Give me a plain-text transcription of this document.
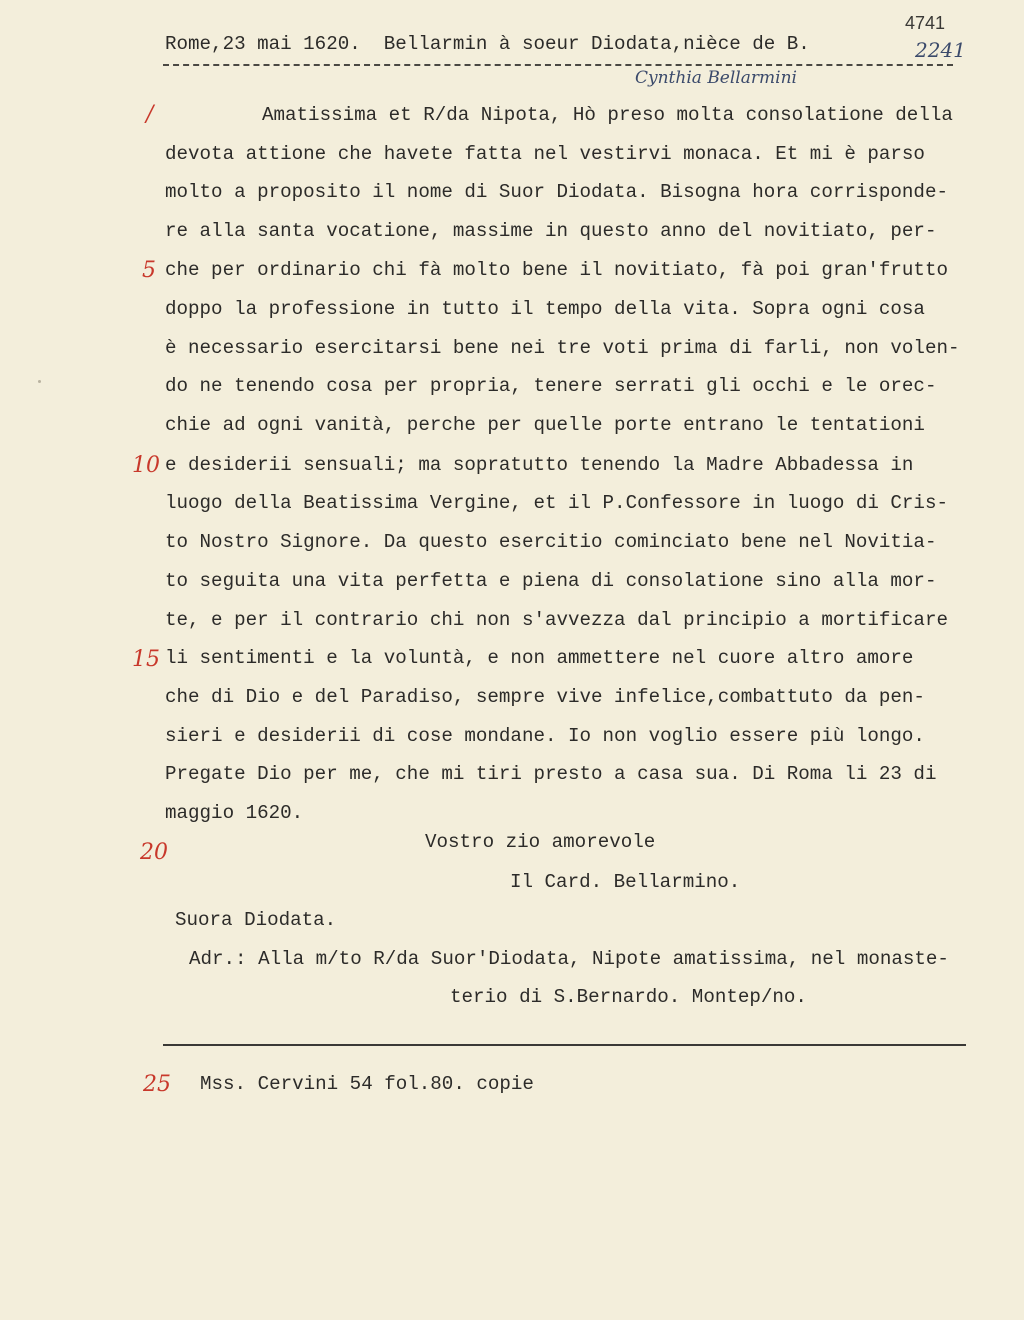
4741
Rome,23 mai 1620.  Bellarmin à soeur Diodata,nièce de B.	2241
Cynthia Bellarmini
/
5
10
15
20
25
Amatissima et R/da Nipota, Hò preso molta consolatione della
devota attione che havete fatta nel vestirvi monaca. Et mi è parso
molto a proposito il nome di Suor Diodata. Bisogna hora corrisponde-
re alla santa vocatione, massime in questo anno del novitiato, per-
che per ordinario chi fà molto bene il novitiato, fà poi gran'frutto
doppo la professione in tutto il tempo della vita. Sopra ogni cosa
è necessario esercitarsi bene nei tre voti prima di farli, non volen-
do ne tenendo cosa per propria, tenere serrati gli occhi e le orec-
chie ad ogni vanità, perche per quelle porte entrano le tentationi
e desiderii sensuali; ma sopratutto tenendo la Madre Abbadessa in
luogo della Beatissima Vergine, et il P.Confessore in luogo di Cris-
to Nostro Signore. Da questo esercitio cominciato bene nel Novitia-
to seguita una vita perfetta e piena di consolatione sino alla mor-
te, e per il contrario chi non s'avvezza dal principio a mortificare
li sentimenti e la voluntà, e non ammettere nel cuore altro amore
che di Dio e del Paradiso, sempre vive infelice,combattuto da pen-
sieri e desiderii di cose mondane. Io non voglio essere più longo.
Pregate Dio per me, che mi tiri presto a casa sua. Di Roma li 23 di
maggio 1620.
Vostro zio amorevole
Il Card. Bellarmino.
Suora Diodata.
Adr.: Alla m/to R/da Suor'Diodata, Nipote amatissima, nel monaste-
terio di S.Bernardo. Montep/no.
Mss. Cervini 54 fol.80. copie
